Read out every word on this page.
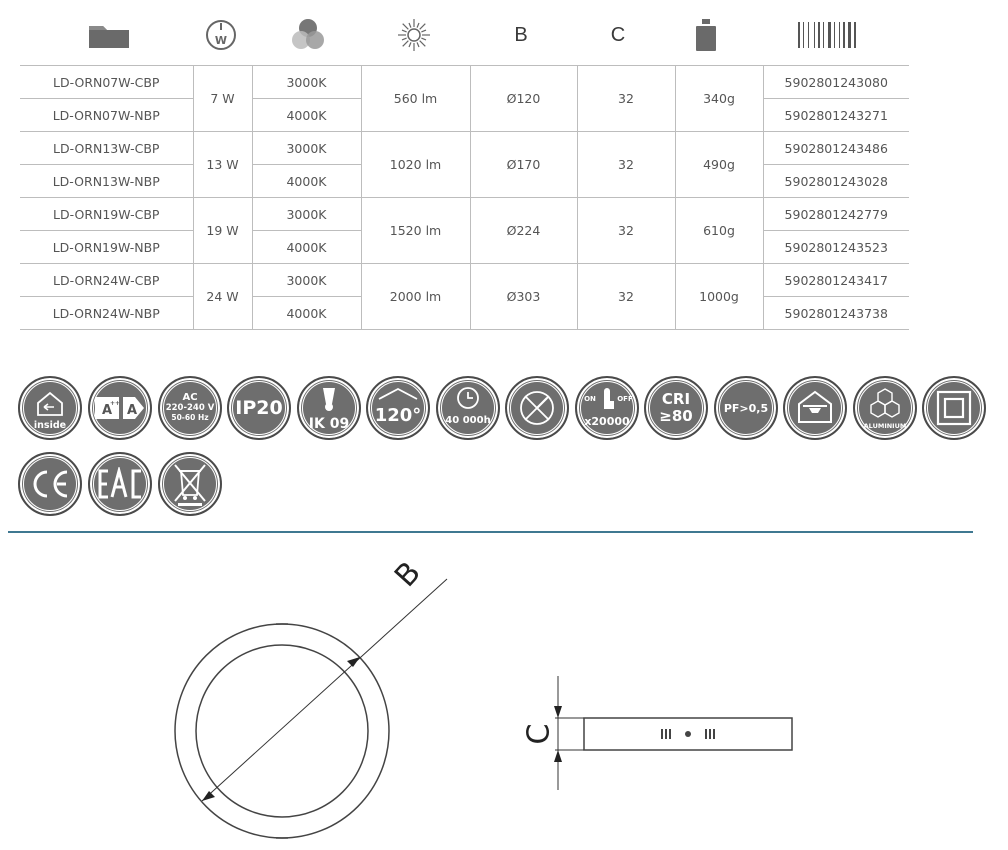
W	B	C
LD-ORN07W-CBP	7 W	3000K	560 lm	Ø120	32	340g	5902801243080
LD-ORN07W-NBP		4000K					5902801243271
LD-ORN13W-CBP	13 W	3000K	1020 lm	Ø170	32	490g	5902801243486
LD-ORN13W-NBP		4000K					5902801243028
LD-ORN19W-CBP	19 W	3000K	1520 lm	Ø224	32	610g	5902801242779
LD-ORN19W-NBP		4000K					5902801243523
LD-ORN24W-CBP	24 W	3000K	2000 lm	Ø303	32	1000g	5902801243417
LD-ORN24W-NBP		4000K					5902801243738
inside
A
++ A
AC
220-240 V
50-60 Hz	IP20
IK 09 120° 40 000h
ON	OFF
x20000
CRI
≥80	PF>0,5
ALUMINIUM
B
C
